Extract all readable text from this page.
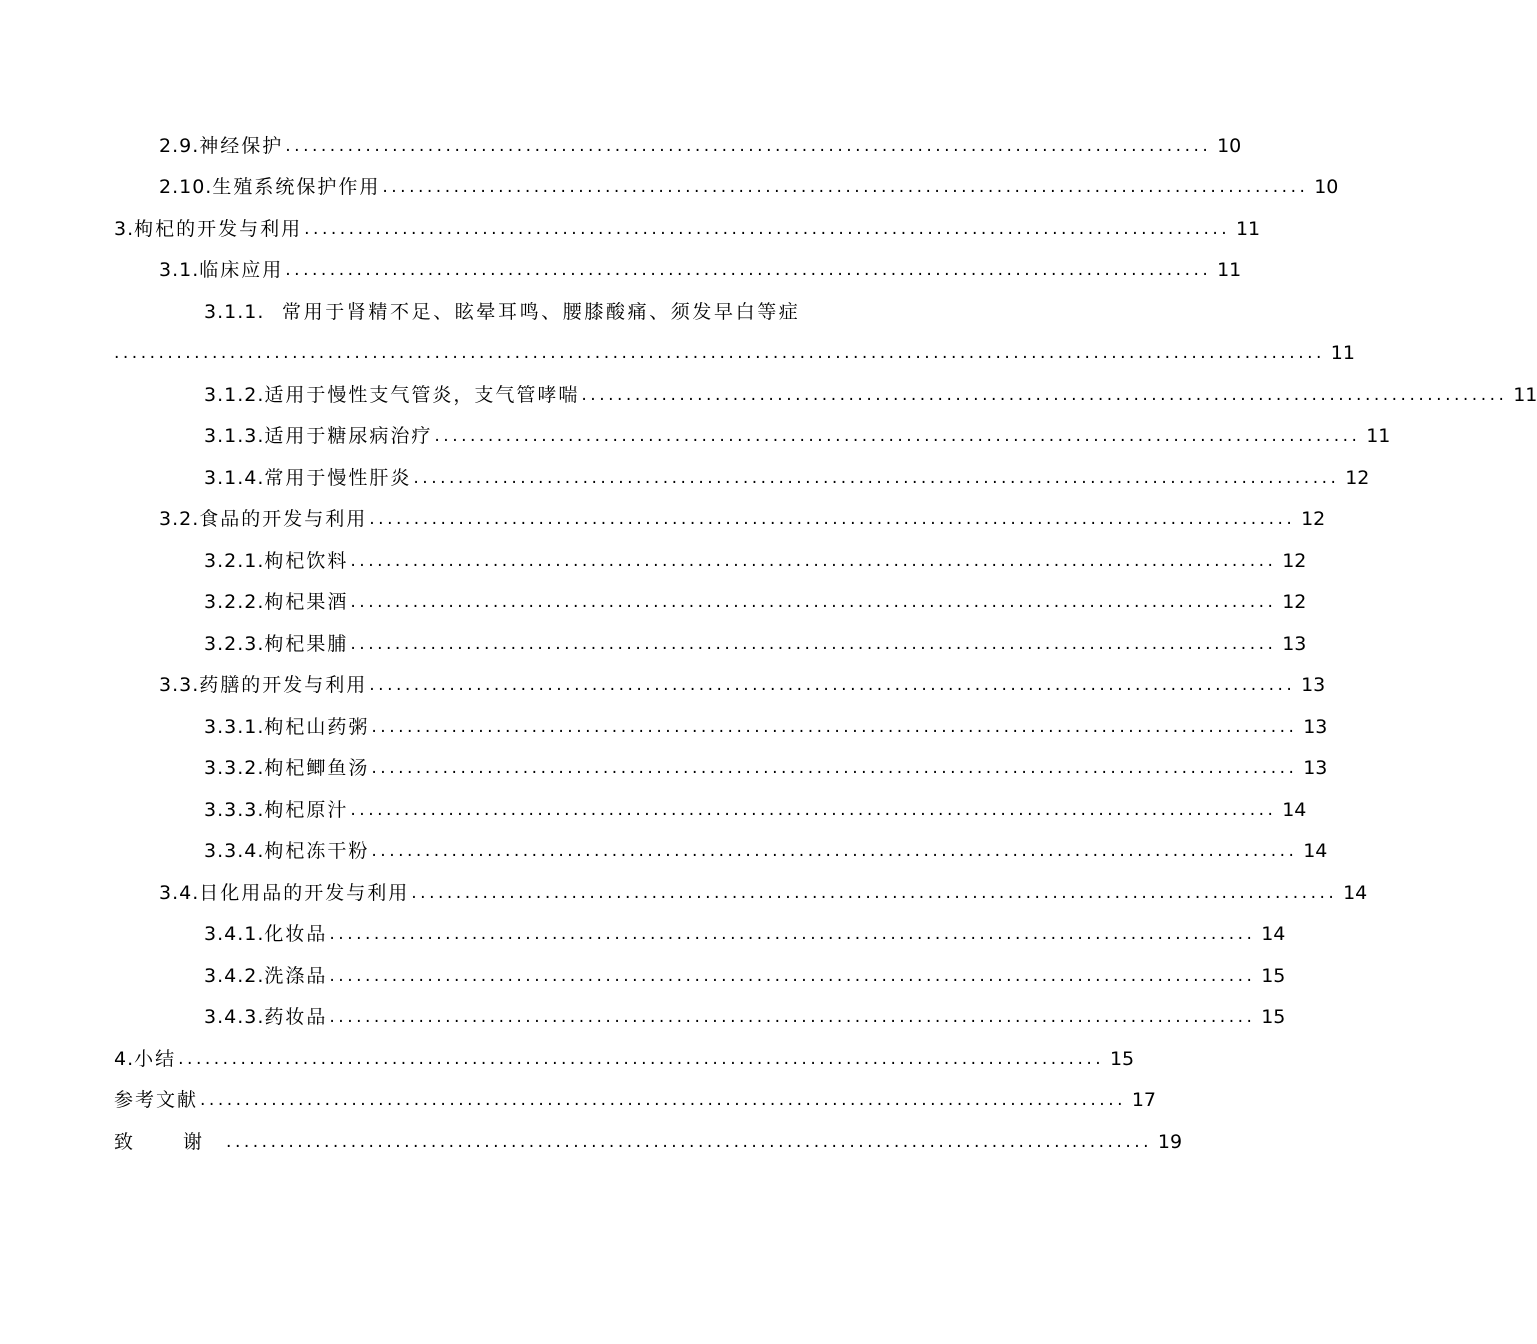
2.9. 神经保护 ........................................................................................................ 10
2.10. 生殖系统保护作用 ........................................................................................................ 10
3. 枸杞的开发与利用 ........................................................................................................ 11
3.1. 临床应用 ........................................................................................................ 11
3.1.1. 常用于肾精不足、眩晕耳鸣、腰膝酸痛、须发早白等症
........................................................................................................................................ 11
3.1.2. 适用于慢性支气管炎，支气管哮喘 ........................................................................................................ 11
3.1.3. 适用于糖尿病治疗 ........................................................................................................ 11
3.1.4. 常用于慢性肝炎 ........................................................................................................ 12
3.2. 食品的开发与利用 ........................................................................................................ 12
3.2.1. 枸杞饮料 ........................................................................................................ 12
3.2.2. 枸杞果酒 ........................................................................................................ 12
3.2.3. 枸杞果脯 ........................................................................................................ 13
3.3. 药膳的开发与利用 ........................................................................................................ 13
3.3.1. 枸杞山药粥 ........................................................................................................ 13
3.3.2. 枸杞鲫鱼汤 ........................................................................................................ 13
3.3.3. 枸杞原汁 ........................................................................................................ 14
3.3.4. 枸杞冻干粉 ........................................................................................................ 14
3.4. 日化用品的开发与利用 ........................................................................................................ 14
3.4.1. 化妆品 ........................................................................................................ 14
3.4.2. 洗涤品 ........................................................................................................ 15
3.4.3. 药妆品 ........................................................................................................ 15
4. 小结 ........................................................................................................ 15
参考文献 ........................................................................................................ 17
致 谢 ........................................................................................................ 19
